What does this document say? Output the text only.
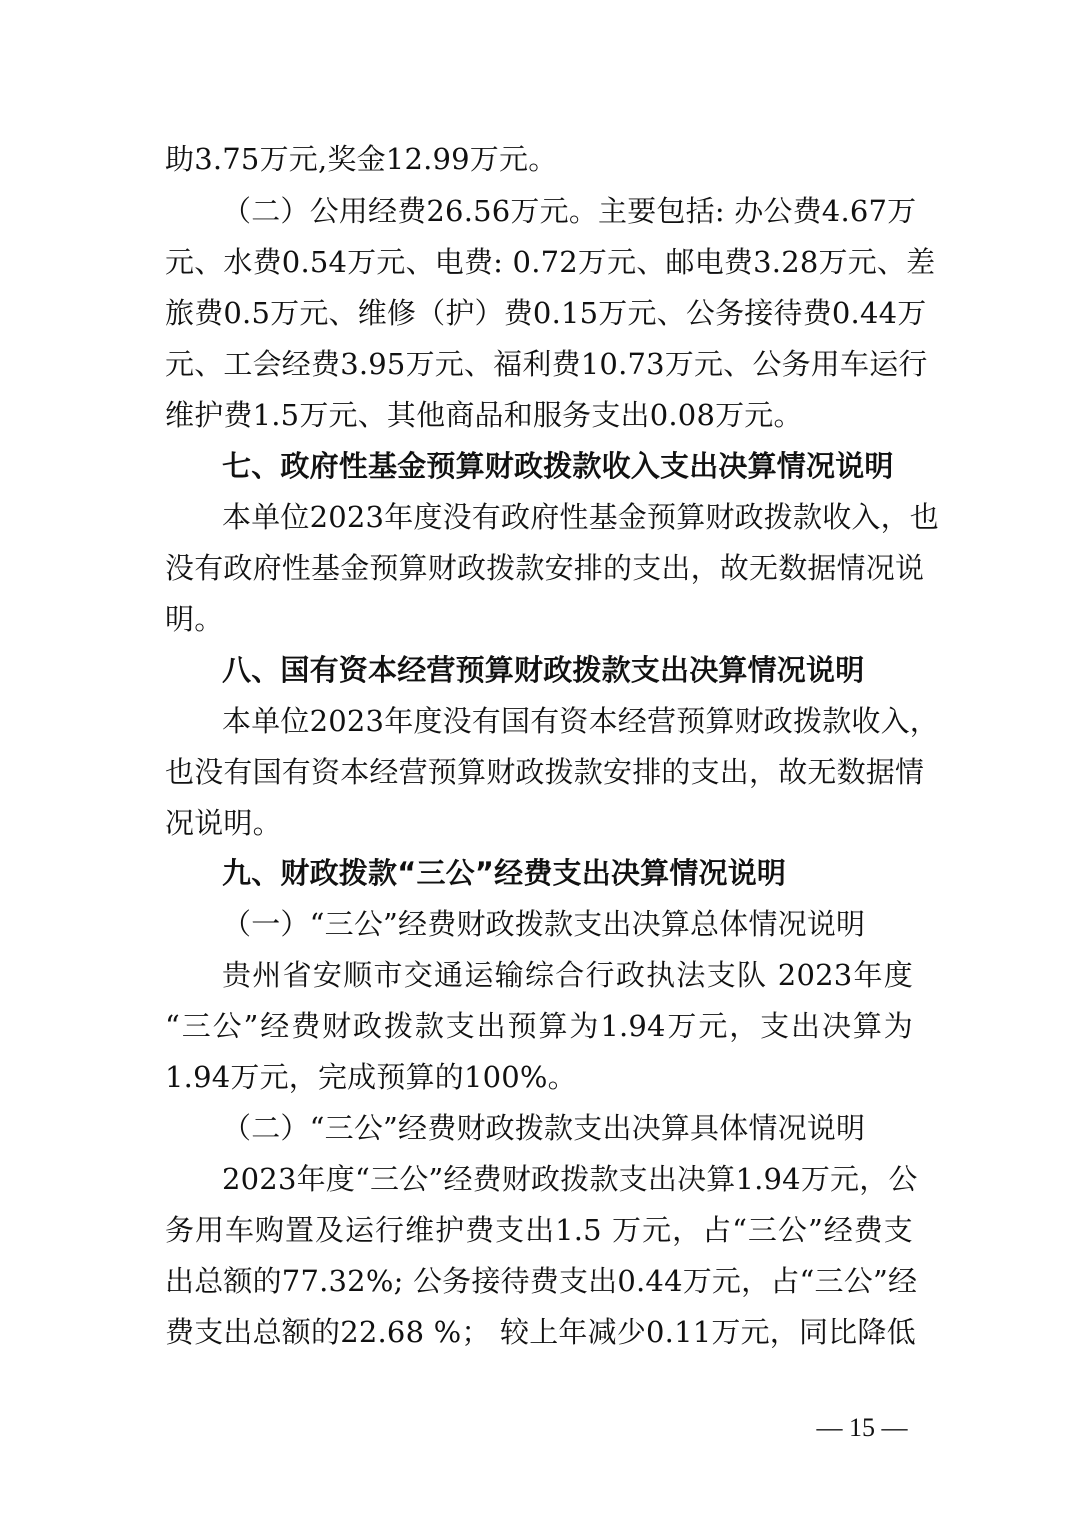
助3.75万元,奖金12.99万元。
（二）公用经费26.56万元。主要包括: 办公费4.67万
元、水费0.54万元、电费: 0.72万元、邮电费3.28万元、差
旅费0.5万元、维修（护）费0.15万元、公务接待费0.44万
元、工会经费3.95万元、福利费10.73万元、公务用车运行
维护费1.5万元、其他商品和服务支出0.08万元。
七、政府性基金预算财政拨款收入支出决算情况说明
本单位2023年度没有政府性基金预算财政拨款收入，也
没有政府性基金预算财政拨款安排的支出，故无数据情况说
明。
八、国有资本经营预算财政拨款支出决算情况说明
本单位2023年度没有国有资本经营预算财政拨款收入，
也没有国有资本经营预算财政拨款安排的支出，故无数据情
况说明。
九、财政拨款“三公”经费支出决算情况说明
（一）“三公”经费财政拨款支出决算总体情况说明
贵州省安顺市交通运输综合行政执法支队 2023年度
“三公”经费财政拨款支出预算为1.94万元，支出决算为
1.94万元，完成预算的100%。
（二）“三公”经费财政拨款支出决算具体情况说明
2023年度“三公”经费财政拨款支出决算1.94万元，公
务用车购置及运行维护费支出1.5 万元，占“三公”经费支
出总额的77.32%; 公务接待费支出0.44万元，占“三公”经
费支出总额的22.68 %； 较上年减少0.11万元，同比降低
— 15 —
